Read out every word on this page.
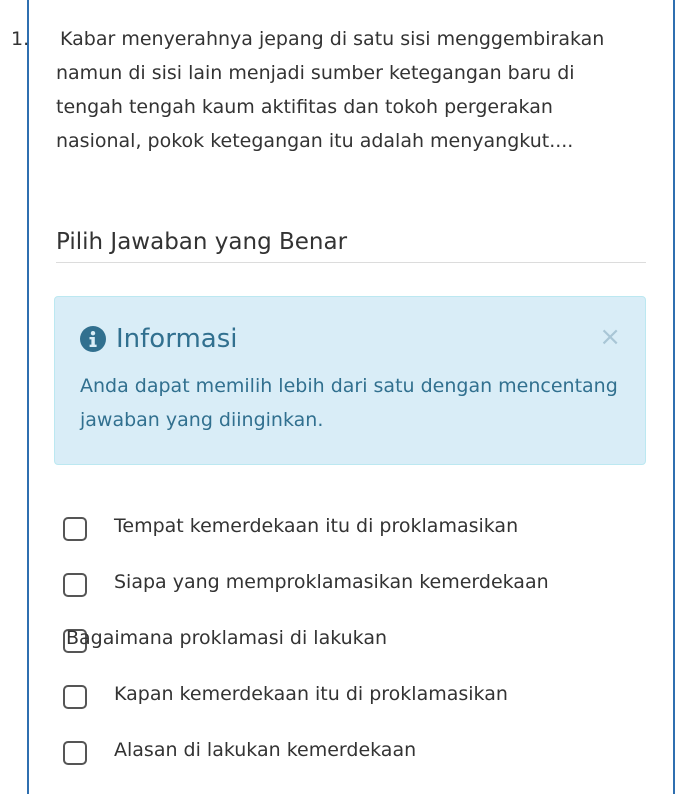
1. Kabar menyerahnya jepang di satu sisi menggembirakan namun di sisi lain menjadi sumber ketegangan baru di tengah tengah kaum aktifitas dan tokoh pergerakan nasional, pokok ketegangan itu adalah menyangkut....
Pilih Jawaban yang Benar
Informasi	×
Anda dapat memilih lebih dari satu dengan mencentang jawaban yang diinginkan.
Tempat kemerdekaan itu di proklamasikan
Siapa yang memproklamasikan kemerdekaan
Bagaimana proklamasi di lakukan
Kapan kemerdekaan itu di proklamasikan
Alasan di lakukan kemerdekaan
